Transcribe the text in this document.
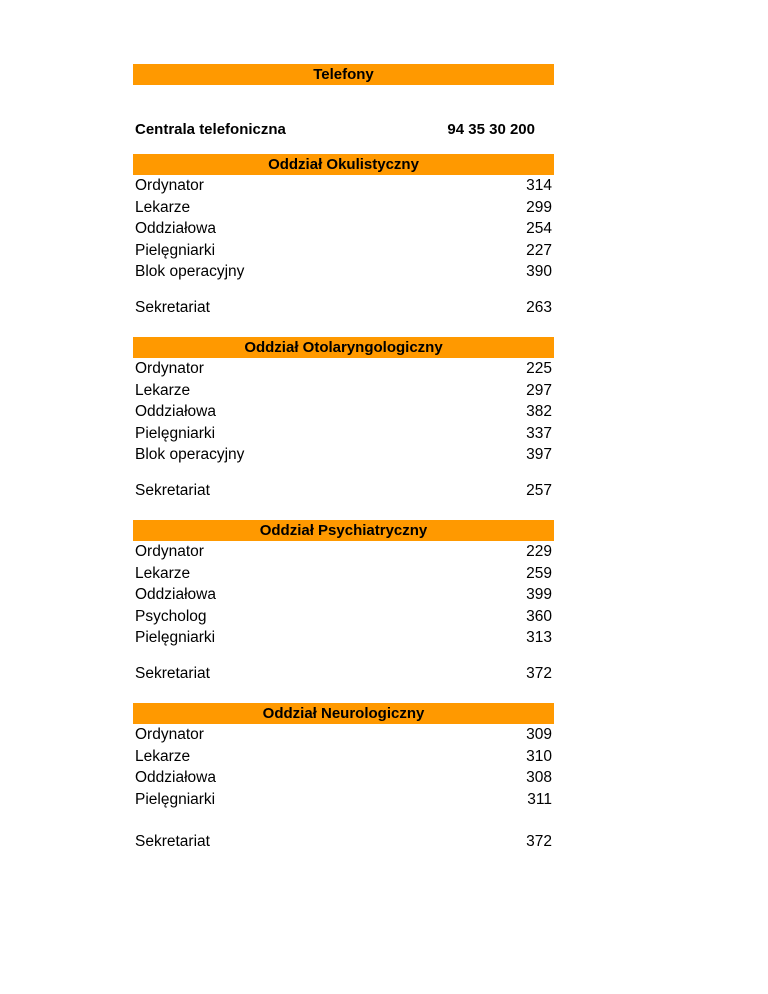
Telefony
Centrala telefoniczna	94 35 30 200
Oddział Okulistyczny
Ordynator	314
Lekarze	299
Oddziałowa	254
Pielęgniarki	227
Blok operacyjny	390
Sekretariat	263
Oddział Otolaryngologiczny
Ordynator	225
Lekarze	297
Oddziałowa	382
Pielęgniarki	337
Blok operacyjny	397
Sekretariat	257
Oddział Psychiatryczny
Ordynator	229
Lekarze	259
Oddziałowa	399
Psycholog	360
Pielęgniarki	313
Sekretariat	372
Oddział Neurologiczny
Ordynator	309
Lekarze	310
Oddziałowa	308
Pielęgniarki	311
Sekretariat	372
